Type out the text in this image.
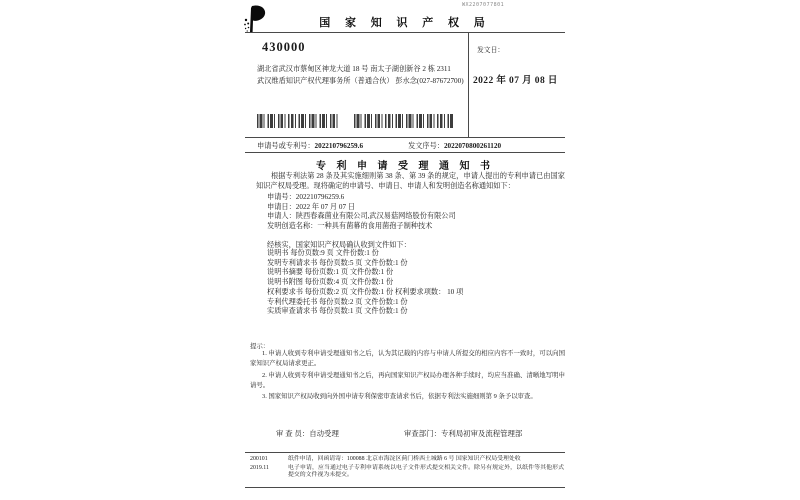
WX2207077801
国 家 知 识 产 权 局
430000
湖北省武汉市蔡甸区神龙大道 18 号 南太子湖创新谷 2 栋 2311
武汉维盾知识产权代理事务所（普通合伙） 彭水念(027-87672700)
发文日：
2022 年 07 月 08 日
申请号或专利号：202210796259.6	发文序号：2022070800261120
专 利 申 请 受 理 通 知 书
根据专利法第 28 条及其实施细则第 38 条、第 39 条的规定，申请人提出的专利申请已由国家知识产权局受理。现将确定的申请号、申请日、申请人和发明创造名称通知如下：
申请号：202210796259.6
申请日：2022 年 07 月 07 日
申请人：陕西春森菌业有限公司,武汉易菇网络股份有限公司
发明创造名称：一种具有菌幕的食用菌孢子制种技术
经核实，国家知识产权局确认收到文件如下：
说明书 每份页数:9 页 文件份数:1 份
发明专利请求书 每份页数:5 页 文件份数:1 份
说明书摘要 每份页数:1 页 文件份数:1 份
说明书附图 每份页数:4 页 文件份数:1 份
权利要求书 每份页数:2 页 文件份数:1 份 权利要求项数： 10 项
专利代理委托书 每份页数:2 页 文件份数:1 份
实质审查请求书 每份页数:1 页 文件份数:1 份
提示：
1. 申请人收到专利申请受理通知书之后，认为其记载的内容与申请人所提交的相应内容不一致时，可以向国家知识产权局请求更正。
2. 申请人收到专利申请受理通知书之后，再向国家知识产权局办理各种手续时，均应当准确、清晰地写明申请号。
3. 国家知识产权局收到向外国申请专利保密审查请求书后，依据专利法实施细则第 9 条予以审查。
审 查 员：自动受理	审查部门：专利局初审及流程管理部
200101	纸件申请，回函请寄：100088 北京市海淀区蓟门桥西土城路 6 号 国家知识产权局受理处收
2019.11	电子申请，应当通过电子专利申请系统以电子文件形式提交相关文件。除另有规定外，以纸件等其他形式提交的文件视为未提交。
